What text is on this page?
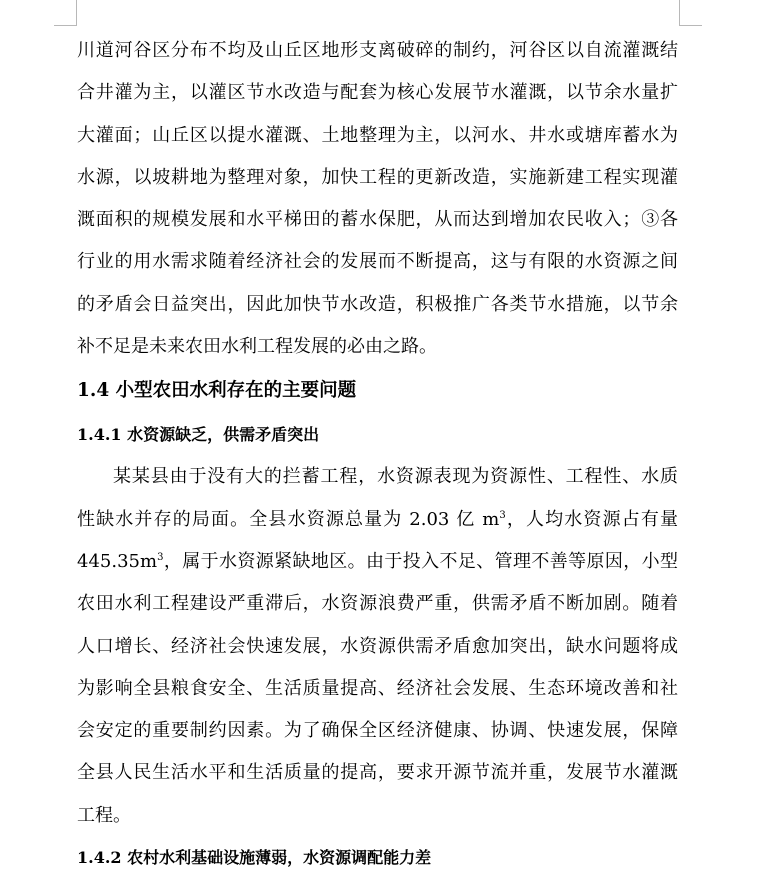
川道河谷区分布不均及山丘区地形支离破碎的制约，河谷区以自流灌溉结
合井灌为主，以灌区节水改造与配套为核心发展节水灌溉，以节余水量扩
大灌面；山丘区以提水灌溉、土地整理为主，以河水、井水或塘库蓄水为
水源，以坡耕地为整理对象，加快工程的更新改造，实施新建工程实现灌
溉面积的规模发展和水平梯田的蓄水保肥，从而达到增加农民收入；③各
行业的用水需求随着经济社会的发展而不断提高，这与有限的水资源之间
的矛盾会日益突出，因此加快节水改造，积极推广各类节水措施，以节余
补不足是未来农田水利工程发展的必由之路。
1.4 小型农田水利存在的主要问题
1.4.1 水资源缺乏，供需矛盾突出
某某县由于没有大的拦蓄工程，水资源表现为资源性、工程性、水质
性缺水并存的局面。全县水资源总量为 2.03 亿 $m^3$，人均水资源占有量
$445.35m^3$，属于水资源紧缺地区。由于投入不足、管理不善等原因，小型
农田水利工程建设严重滞后，水资源浪费严重，供需矛盾不断加剧。随着
人口增长、经济社会快速发展，水资源供需矛盾愈加突出，缺水问题将成
为影响全县粮食安全、生活质量提高、经济社会发展、生态环境改善和社
会安定的重要制约因素。为了确保全区经济健康、协调、快速发展，保障
全县人民生活水平和生活质量的提高，要求开源节流并重，发展节水灌溉
工程。
1.4.2 农村水利基础设施薄弱，水资源调配能力差
